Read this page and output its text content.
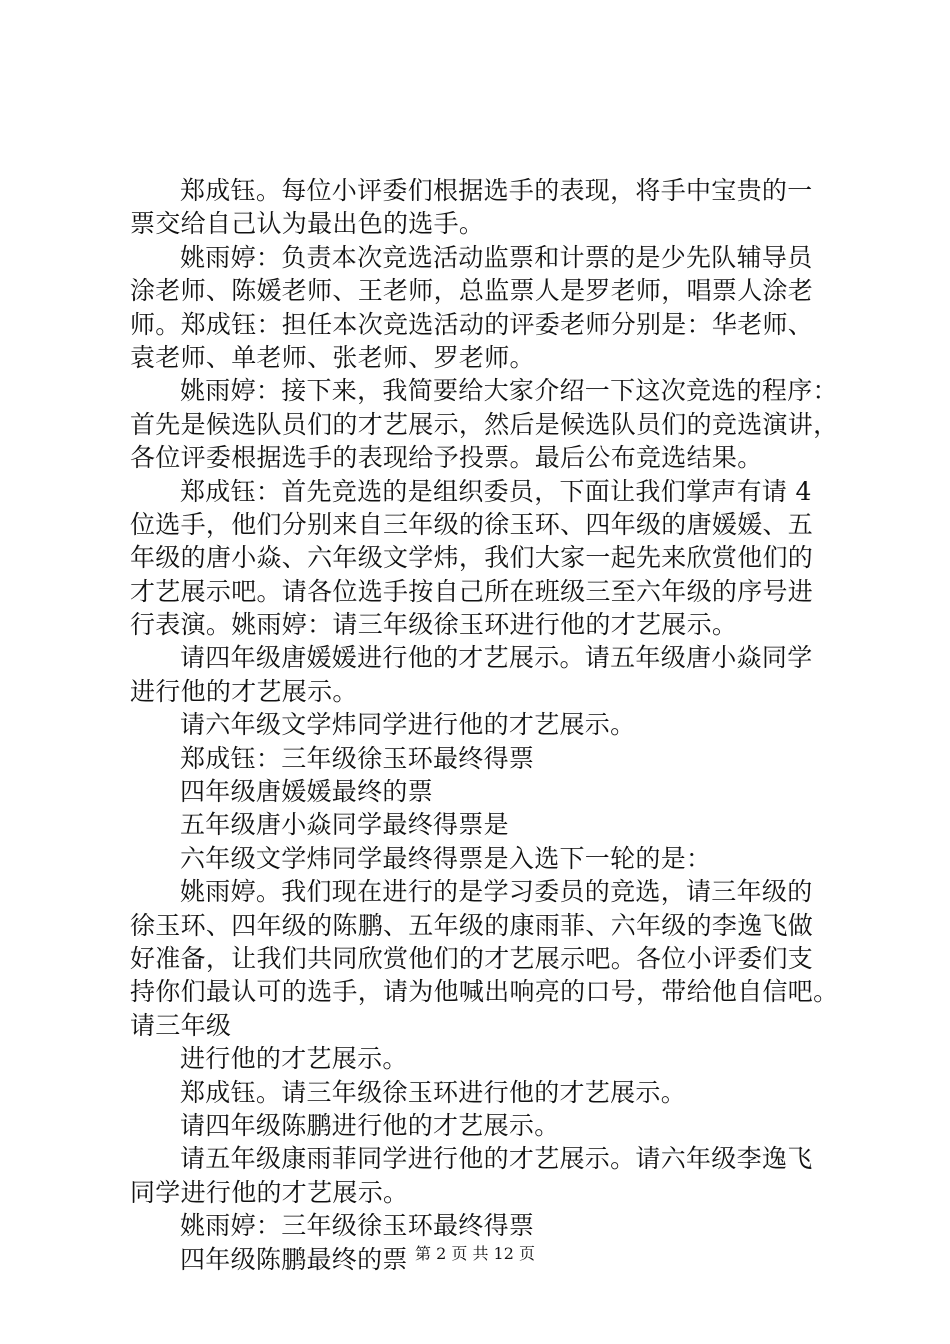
郑成钰。每位小评委们根据选手的表现，将手中宝贵的一
票交给自己认为最出色的选手。
姚雨婷：负责本次竞选活动监票和计票的是少先队辅导员
涂老师、陈媛老师、王老师，总监票人是罗老师，唱票人涂老
师。郑成钰：担任本次竞选活动的评委老师分别是：华老师、
袁老师、单老师、张老师、罗老师。
姚雨婷：接下来，我简要给大家介绍一下这次竞选的程序：
首先是候选队员们的才艺展示，然后是候选队员们的竞选演讲，
各位评委根据选手的表现给予投票。最后公布竞选结果。
郑成钰：首先竞选的是组织委员，下面让我们掌声有请 4
位选手，他们分别来自三年级的徐玉环、四年级的唐媛媛、五
年级的唐小焱、六年级文学炜，我们大家一起先来欣赏他们的
才艺展示吧。请各位选手按自己所在班级三至六年级的序号进
行表演。姚雨婷：请三年级徐玉环进行他的才艺展示。
请四年级唐媛媛进行他的才艺展示。请五年级唐小焱同学
进行他的才艺展示。
请六年级文学炜同学进行他的才艺展示。
郑成钰：三年级徐玉环最终得票
四年级唐媛媛最终的票
五年级唐小焱同学最终得票是
六年级文学炜同学最终得票是入选下一轮的是：
姚雨婷。我们现在进行的是学习委员的竞选，请三年级的
徐玉环、四年级的陈鹏、五年级的康雨菲、六年级的李逸飞做
好准备，让我们共同欣赏他们的才艺展示吧。各位小评委们支
持你们最认可的选手，请为他喊出响亮的口号，带给他自信吧。
请三年级
进行他的才艺展示。
郑成钰。请三年级徐玉环进行他的才艺展示。
请四年级陈鹏进行他的才艺展示。
请五年级康雨菲同学进行他的才艺展示。请六年级李逸飞
同学进行他的才艺展示。
姚雨婷：三年级徐玉环最终得票
四年级陈鹏最终的票 第 2 页 共 12 页
